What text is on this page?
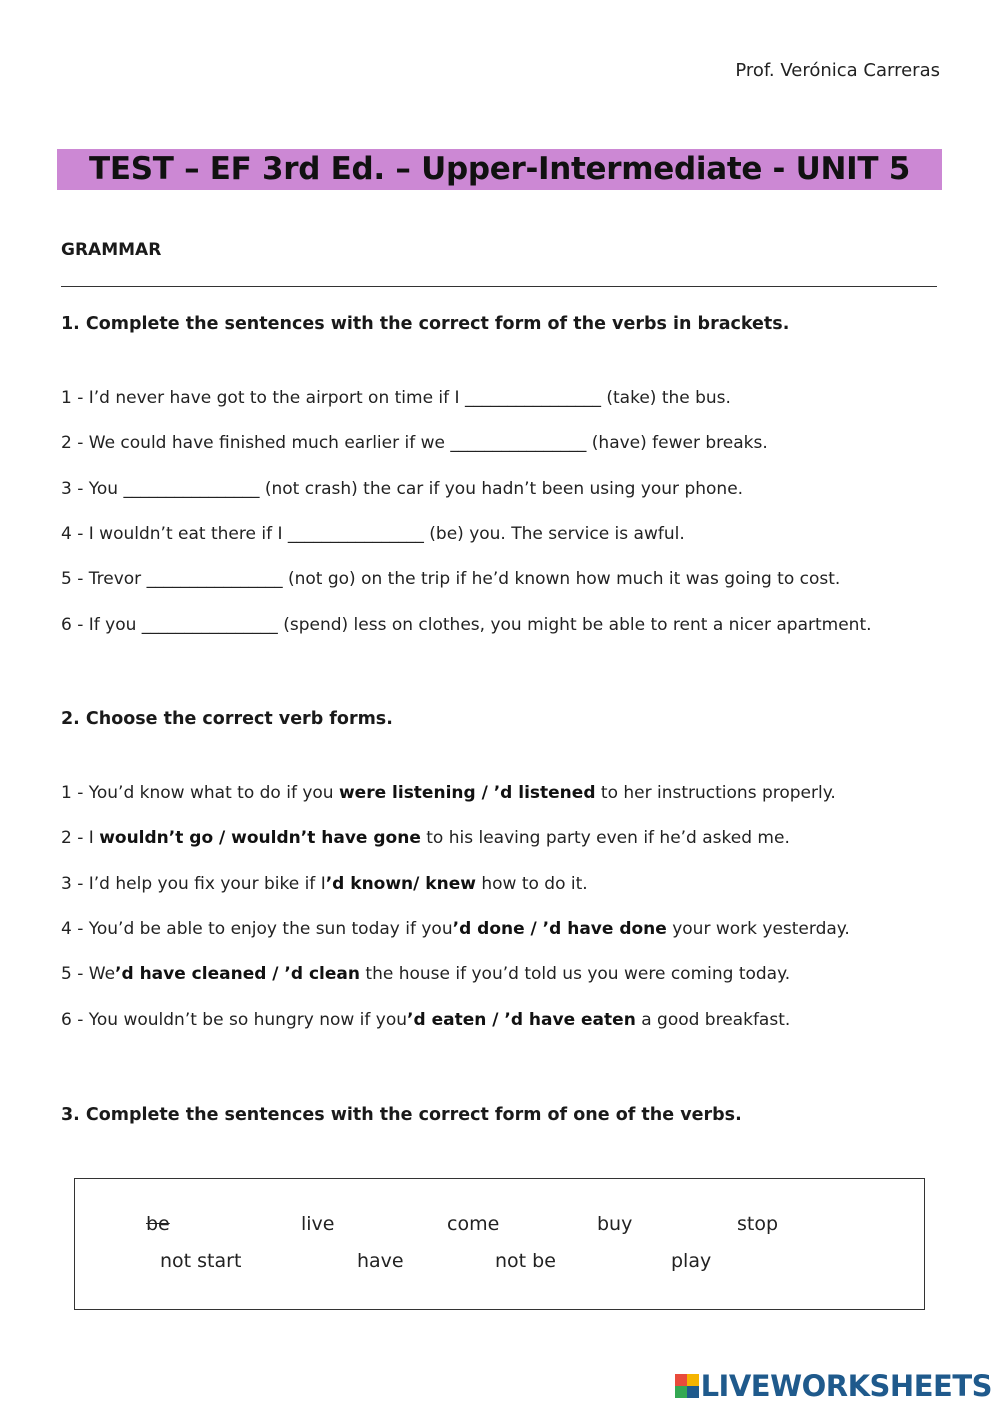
Prof. Verónica Carreras
TEST – EF 3rd Ed. – Upper-Intermediate - UNIT 5
GRAMMAR
1. Complete the sentences with the correct form of the verbs in brackets.
1 - I’d never have got to the airport on time if I ________________ (take) the bus.
2 - We could have finished much earlier if we ________________ (have) fewer breaks.
3 - You ________________ (not crash) the car if you hadn’t been using your phone.
4 - I wouldn’t eat there if I ________________ (be) you. The service is awful.
5 - Trevor ________________ (not go) on the trip if he’d known how much it was going to cost.
6 - If you ________________ (spend) less on clothes, you might be able to rent a nicer apartment.
2. Choose the correct verb forms.
1 - You’d know what to do if you were listening / ’d listened to her instructions properly.
2 - I wouldn’t go / wouldn’t have gone to his leaving party even if he’d asked me.
3 - I’d help you fix your bike if I’d known/ knew how to do it.
4 - You’d be able to enjoy the sun today if you’d done / ’d have done your work yesterday.
5 - We’d have cleaned / ’d clean the house if you’d told us you were coming today.
6 - You wouldn’t be so hungry now if you’d eaten / ’d have eaten a good breakfast.
3. Complete the sentences with the correct form of one of the verbs.
be	live	come	buy	stop
not start	have	not be	play
LIVEWORKSHEETS
